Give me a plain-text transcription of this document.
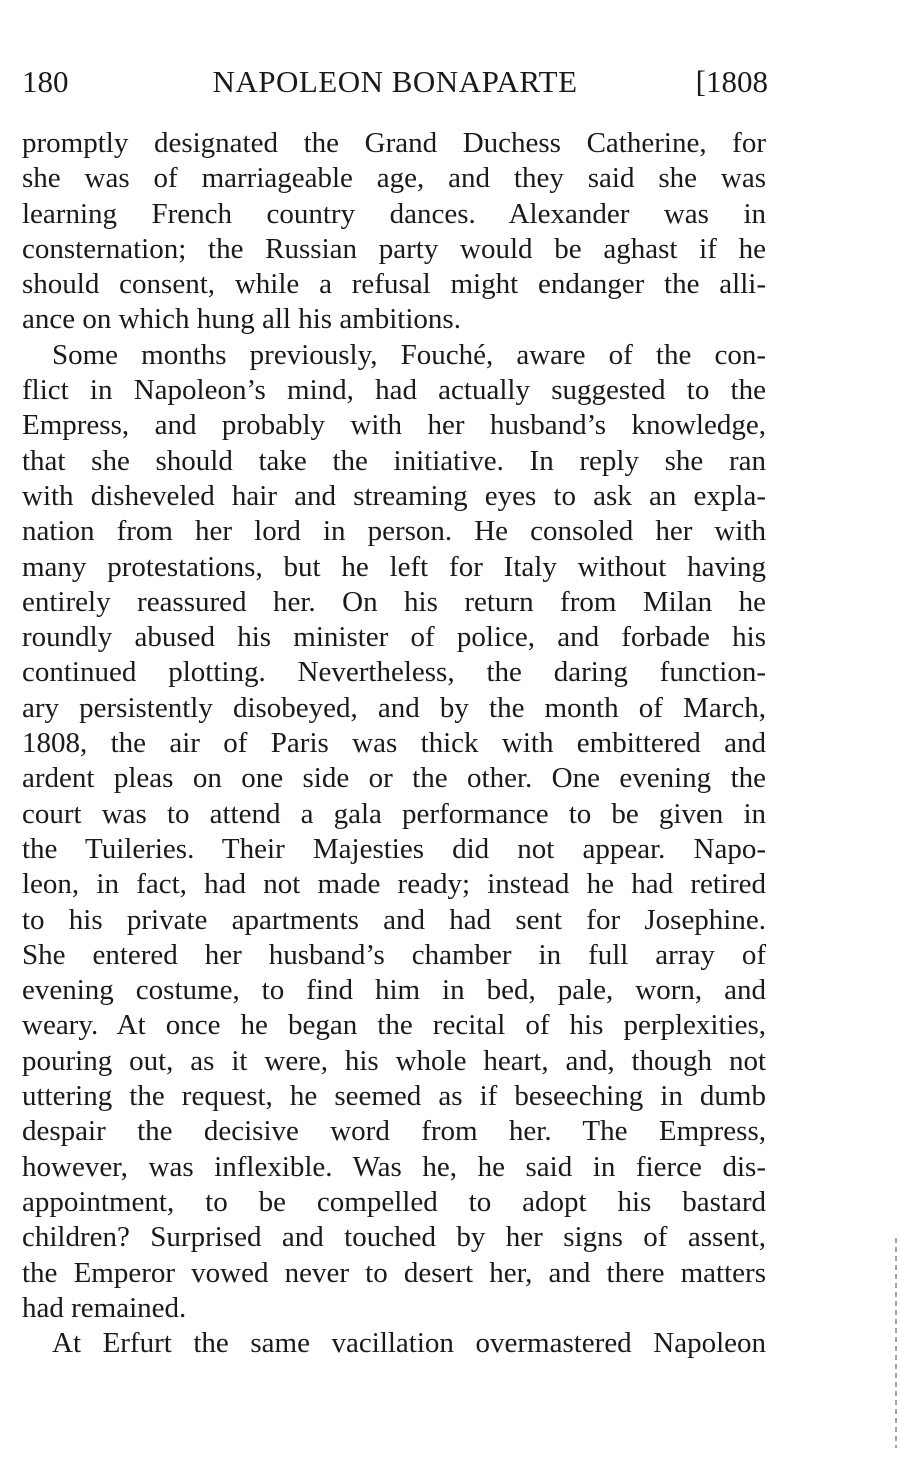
180	NAPOLEON BONAPARTE	[1808
promptly designated the Grand Duchess Catherine, for
she was of marriageable age, and they said she was
learning French country dances. Alexander was in
consternation; the Russian party would be aghast if he
should consent, while a refusal might endanger the alli-
ance on which hung all his ambitions.
Some months previously, Fouché, aware of the con-
flict in Napoleon’s mind, had actually suggested to the
Empress, and probably with her husband’s knowledge,
that she should take the initiative. In reply she ran
with disheveled hair and streaming eyes to ask an expla-
nation from her lord in person. He consoled her with
many protestations, but he left for Italy without having
entirely reassured her. On his return from Milan he
roundly abused his minister of police, and forbade his
continued plotting. Nevertheless, the daring function-
ary persistently disobeyed, and by the month of March,
1808, the air of Paris was thick with embittered and
ardent pleas on one side or the other. One evening the
court was to attend a gala performance to be given in
the Tuileries. Their Majesties did not appear. Napo-
leon, in fact, had not made ready; instead he had retired
to his private apartments and had sent for Josephine.
She entered her husband’s chamber in full array of
evening costume, to find him in bed, pale, worn, and
weary. At once he began the recital of his perplexities,
pouring out, as it were, his whole heart, and, though not
uttering the request, he seemed as if beseeching in dumb
despair the decisive word from her. The Empress,
however, was inflexible. Was he, he said in fierce dis-
appointment, to be compelled to adopt his bastard
children? Surprised and touched by her signs of assent,
the Emperor vowed never to desert her, and there matters
had remained.
At Erfurt the same vacillation overmastered Napoleon
